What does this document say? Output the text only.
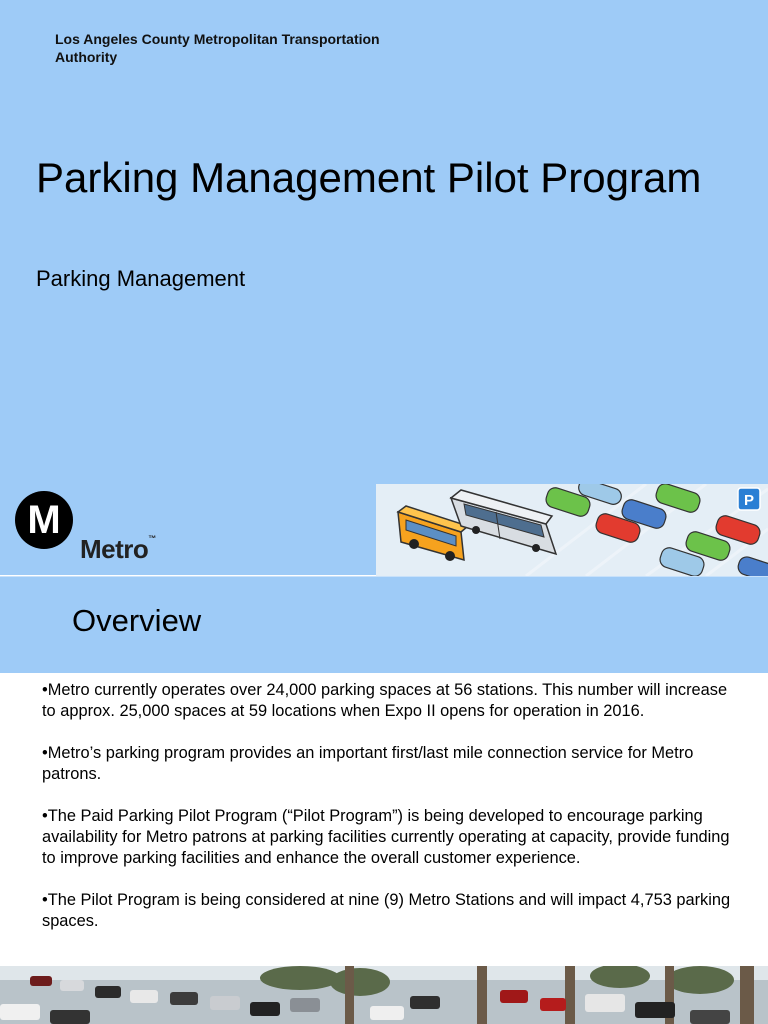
Los Angeles County Metropolitan Transportation Authority
Parking Management Pilot Program
Parking Management
M
Metro™
P
Overview

•Metro currently operates over 24,000 parking spaces at 56 stations. This number will increase to approx. 25,000 spaces at 59 locations when Expo II opens for operation in 2016.

•Metro’s parking program provides an important first/last mile connection service for Metro patrons.

•The Paid Parking Pilot Program (“Pilot Program”) is being developed to encourage parking availability for Metro patrons at parking facilities currently operating at capacity, provide funding to improve parking facilities and enhance the overall customer experience.

•The Pilot Program is being considered at nine (9) Metro Stations and will impact 4,753 parking spaces.
